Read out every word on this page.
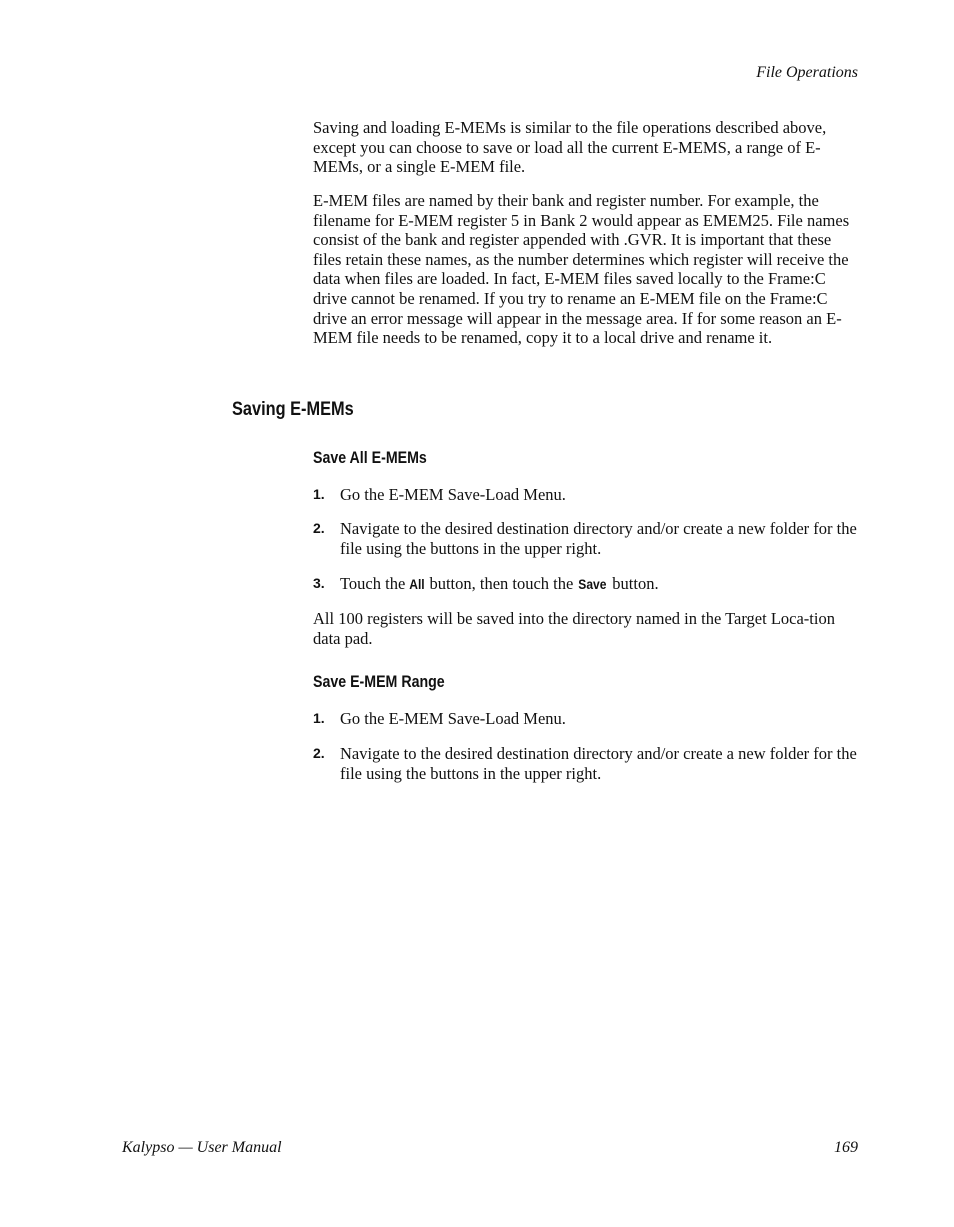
File Operations

Saving and loading E-MEMs is similar to the file operations described above, except you can choose to save or load all the current E-MEMS, a range of E-MEMs, or a single E-MEM file.

E-MEM files are named by their bank and register number. For example, the filename for E-MEM register 5 in Bank 2 would appear as EMEM25. File names consist of the bank and register appended with .GVR. It is important that these files retain these names, as the number determines which register will receive the data when files are loaded. In fact, E-MEM files saved locally to the Frame:C drive cannot be renamed. If you try to rename an E-MEM file on the Frame:C drive an error message will appear in the message area. If for some reason an E-MEM file needs to be renamed, copy it to a local drive and rename it.

Saving E-MEMs
Save All E-MEMs
1. Go the E-MEM Save-Load Menu.
2. Navigate to the desired destination directory and/or create a new folder for the file using the buttons in the upper right.
3. Touch the All button, then touch the Save button.

All 100 registers will be saved into the directory named in the Target Loca-tion data pad.

Save E-MEM Range
1. Go the E-MEM Save-Load Menu.
2. Navigate to the desired destination directory and/or create a new folder for the file using the buttons in the upper right.
Kalypso — User Manual	169
